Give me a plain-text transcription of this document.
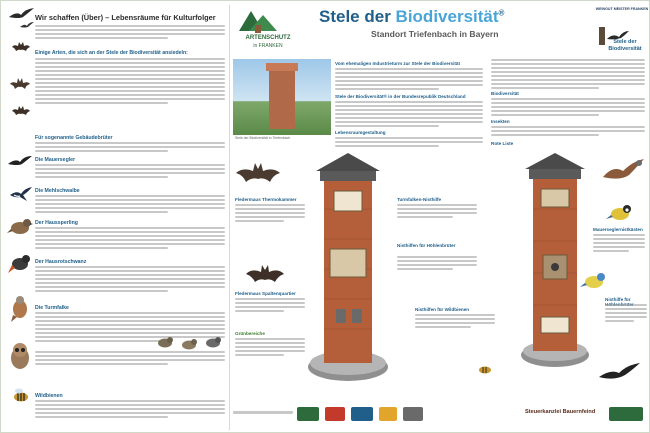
Wir schaffen (Über) – Lebensräume für Kulturfolger
Einige Arten, die sich an der Stele der Biodiversität ansiedeln:
Für sogenannte Gebäudebrüter
Die Mauersegler
Die Mehlschwalbe
Der Haussperling
Der Hausrotschwanz
Die Turmfalke
Wildbienen
ARTENSCHUTZ
in FRANKEN
Stele der Biodiversität®
Standort Triefenbach in Bayern
WEINGUT MEISTER FRANKEN
Stele der
Biodiversität
Stele der Biodiversität in Triefenbach
Vom ehemaligen Industrieturm zur Stele der Biodiversität
Stele der Biodiversität® in der Bundesrepublik Deutschland
Lebensraumgestaltung
Biodiversität
Insekten
Rote Liste
Fledermaus Thermokammer
Fledermaus Spaltenquartier
Grünbereiche
Turmfalken-Nisthilfe
Nisthilfen für Höhlenbrüter
Nisthilfen für Wildbienen
Mauerseglernistkästen
Nisthilfe für
Steuerkanzlei Bauernfeind
